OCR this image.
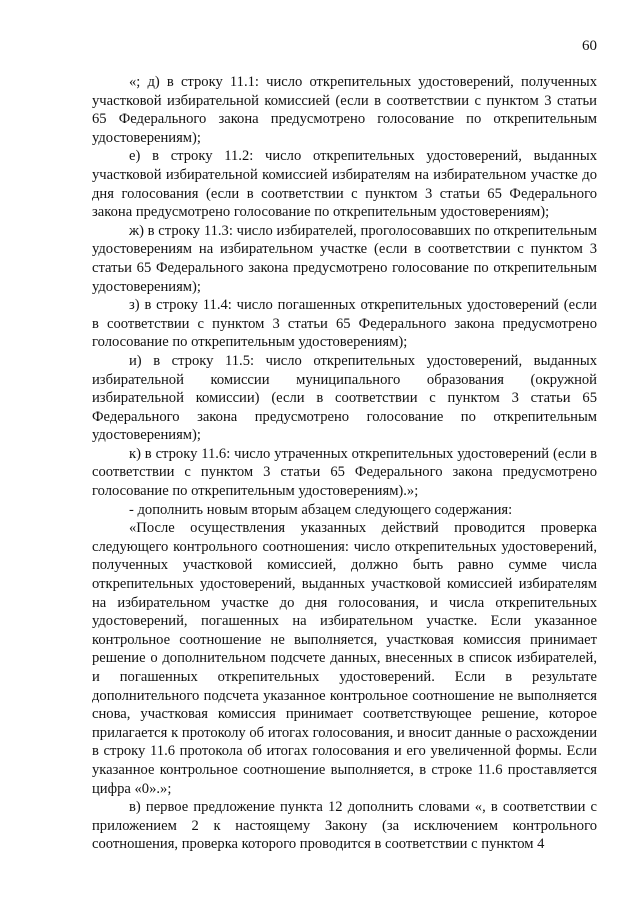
60

«; д) в строку 11.1: число открепительных удостоверений, полученных участковой избирательной комиссией (если в соответствии с пунктом 3 статьи 65 Федерального закона предусмотрено голосование по открепительным удостоверениям);

е) в строку 11.2: число открепительных удостоверений, выданных участковой избирательной комиссией избирателям на избирательном участке до дня голосования (если в соответствии с пунктом 3 статьи 65 Федерального закона предусмотрено голосование по открепительным удостоверениям);

ж) в строку 11.3: число избирателей, проголосовавших по открепительным удостоверениям на избирательном участке (если в соответствии с пунктом 3 статьи 65 Федерального закона предусмотрено голосование по открепительным удостоверениям);

з) в строку 11.4: число погашенных открепительных удостоверений (если в соответствии с пунктом 3 статьи 65 Федерального закона предусмотрено голосование по открепительным удостоверениям);

и) в строку 11.5: число открепительных удостоверений, выданных избирательной комиссии муниципального образования (окружной избирательной комиссии) (если в соответствии с пунктом 3 статьи 65 Федерального закона предусмотрено голосование по открепительным удостоверениям);

к) в строку 11.6: число утраченных открепительных удостоверений (если в соответствии с пунктом 3 статьи 65 Федерального закона предусмотрено голосование по открепительным удостоверениям).»;

- дополнить новым вторым абзацем следующего содержания:

«После осуществления указанных действий проводится проверка следующего контрольного соотношения: число открепительных удостоверений, полученных участковой комиссией, должно быть равно сумме числа открепительных удостоверений, выданных участковой комиссией избирателям на избирательном участке до дня голосования, и числа открепительных удостоверений, погашенных на избирательном участке. Если указанное контрольное соотношение не выполняется, участковая комиссия принимает решение о дополнительном подсчете данных, внесенных в список избирателей, и погашенных открепительных удостоверений. Если в результате дополнительного подсчета указанное контрольное соотношение не выполняется снова, участковая комиссия принимает соответствующее решение, которое прилагается к протоколу об итогах голосования, и вносит данные о расхождении в строку 11.6 протокола об итогах голосования и его увеличенной формы. Если указанное контрольное соотношение выполняется, в строке 11.6 проставляется цифра «0».»;

в) первое предложение пункта 12 дополнить словами «, в соответствии с приложением 2 к настоящему Закону (за исключением контрольного соотношения, проверка которого проводится в соответствии с пунктом 4
